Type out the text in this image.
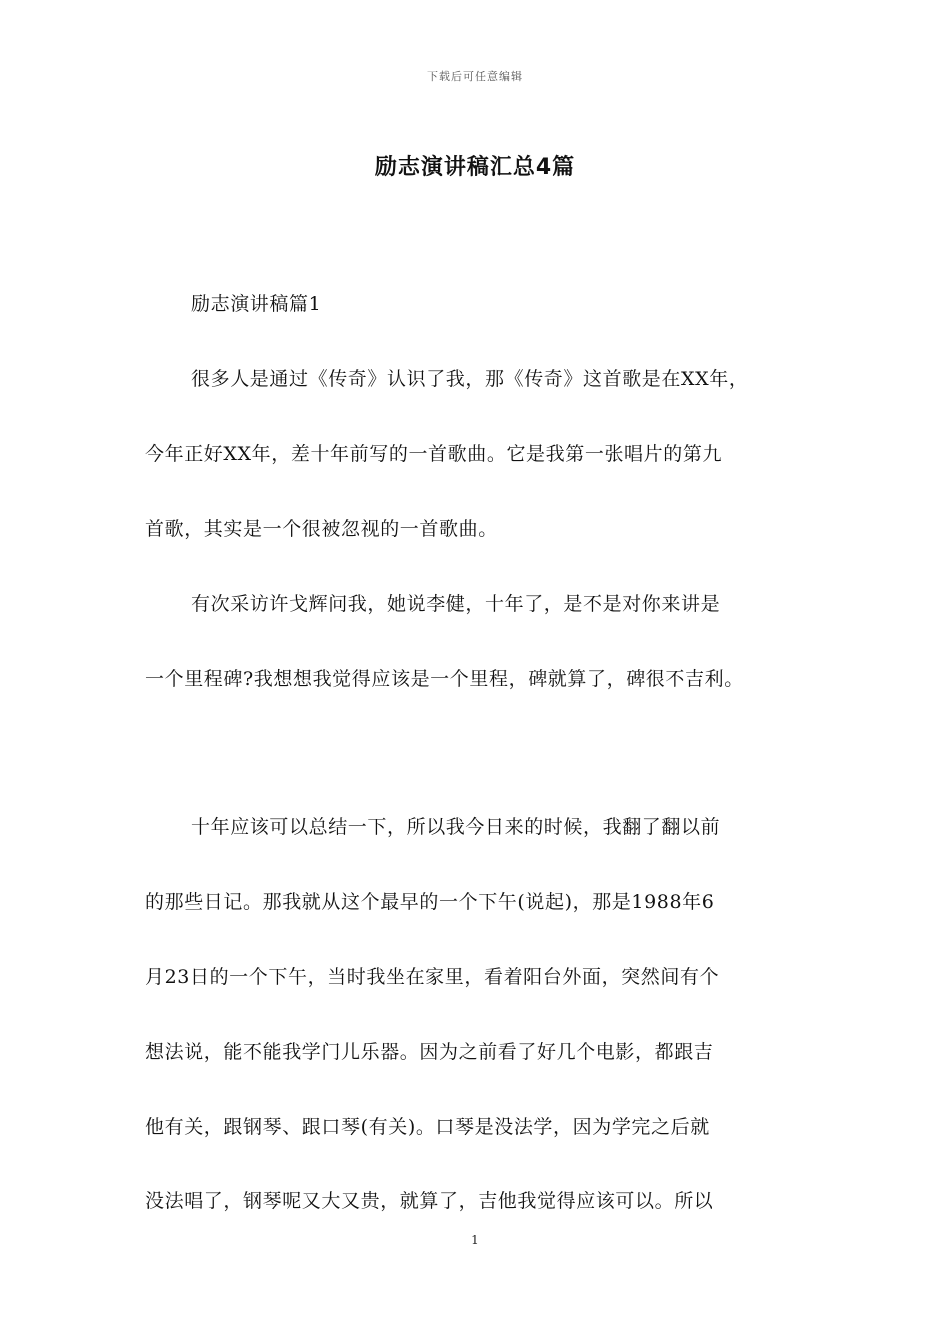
下载后可任意编辑
励志演讲稿汇总4篇
励志演讲稿篇1
很多人是通过《传奇》认识了我，那《传奇》这首歌是在XX年，
今年正好XX年，差十年前写的一首歌曲。它是我第一张唱片的第九
首歌，其实是一个很被忽视的一首歌曲。
有次采访许戈辉问我，她说李健，十年了，是不是对你来讲是
一个里程碑?我想想我觉得应该是一个里程，碑就算了，碑很不吉利。
十年应该可以总结一下，所以我今日来的时候，我翻了翻以前
的那些日记。那我就从这个最早的一个下午(说起)，那是1988年6
月23日的一个下午，当时我坐在家里，看着阳台外面，突然间有个
想法说，能不能我学门儿乐器。因为之前看了好几个电影，都跟吉
他有关，跟钢琴、跟口琴(有关)。口琴是没法学，因为学完之后就
没法唱了，钢琴呢又大又贵，就算了，吉他我觉得应该可以。所以
1
